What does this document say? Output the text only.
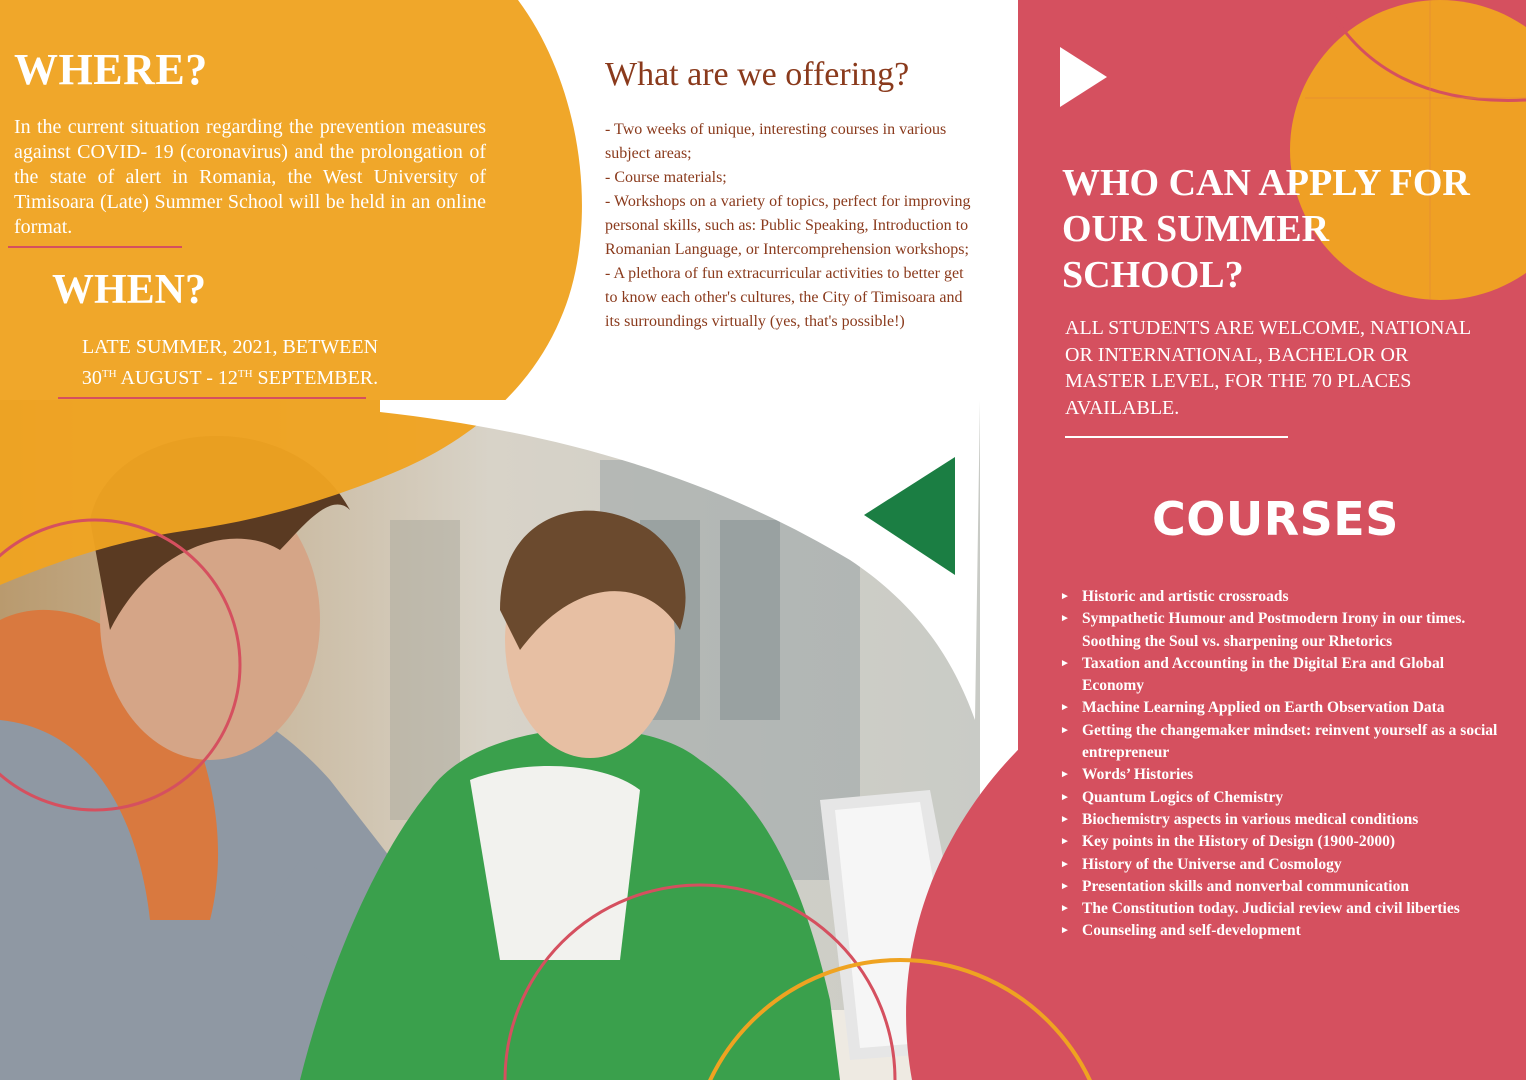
WHERE?
In the current situation regarding the prevention measures against COVID- 19 (coronavirus) and the prolongation of the state of alert in Romania, the West University of Timisoara (Late) Summer School will be held in an online format.
WHEN?
LATE SUMMER, 2021, BETWEEN
30TH AUGUST - 12TH SEPTEMBER.
What are we offering?
- Two weeks of unique, interesting courses in various subject areas;
- Course materials;
- Workshops on a variety of topics, perfect for improving personal skills, such as: Public Speaking, Introduction to Romanian Language, or Intercomprehension workshops;
- A plethora of fun extracurricular activities to better get to know each other's cultures, the City of Timisoara and its surroundings virtually (yes, that's possible!)
WHO CAN APPLY FOR OUR SUMMER SCHOOL?
ALL STUDENTS ARE WELCOME, NATIONAL OR INTERNATIONAL, BACHELOR OR MASTER LEVEL, FOR THE 70 PLACES AVAILABLE.
COURSES
► Historic and artistic crossroads
► Sympathetic Humour and Postmodern Irony in our times. Soothing the Soul vs. sharpening our Rhetorics
► Taxation and Accounting in the Digital Era and Global Economy
► Machine Learning Applied on Earth Observation Data
► Getting the changemaker mindset: reinvent yourself as a social entrepreneur
► Words’ Histories
► Quantum Logics of Chemistry
► Biochemistry aspects in various medical conditions
► Key points in the History of Design (1900-2000)
► History of the Universe and Cosmology
► Presentation skills and nonverbal communication
► The Constitution today. Judicial review and civil liberties
► Counseling and self-development
